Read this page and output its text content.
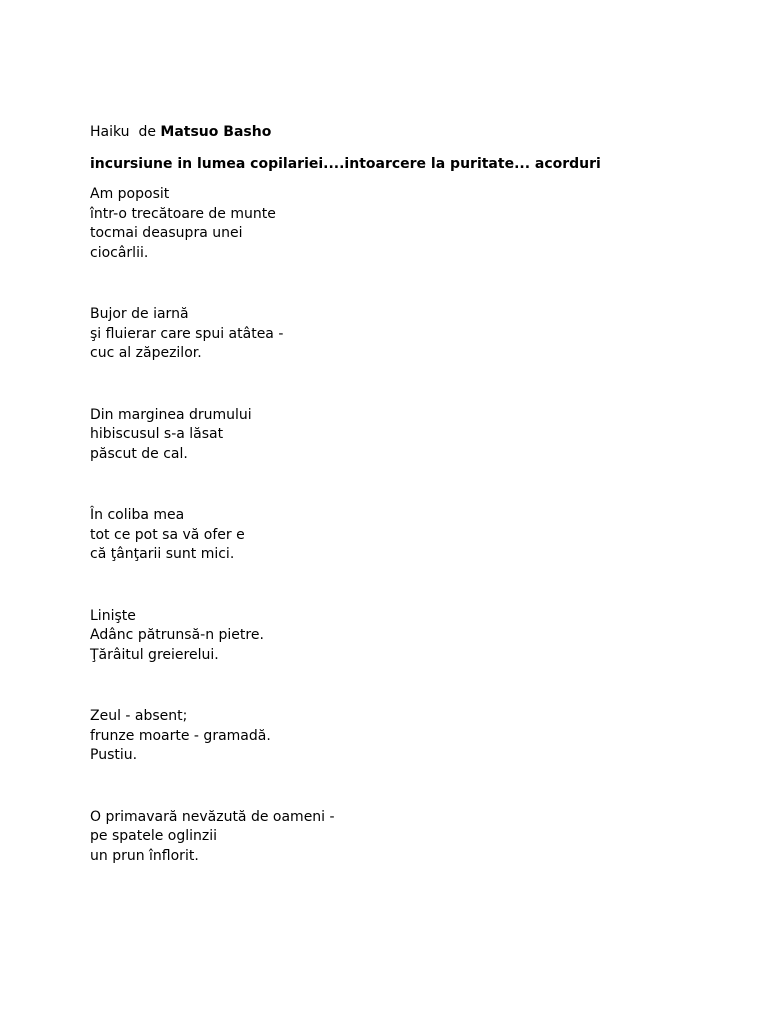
Haiku  de Matsuo Basho
incursiune in lumea copilariei....intoarcere la puritate... acorduri
Am poposit
într-o trecătoare de munte
tocmai deasupra unei
ciocârlii.
Bujor de iarnă
şi fluierar care spui atâtea -
cuc al zăpezilor.
Din marginea drumului
hibiscusul s-a lăsat
păscut de cal.
În coliba mea
tot ce pot sa vă ofer e
că ţânţarii sunt mici.
Linişte
Adânc pătrunsă-n pietre.
Ţărâitul greierelui.
Zeul - absent;
frunze moarte - gramadă.
Pustiu.
O primavară nevăzută de oameni -
pe spatele oglinzii
un prun înflorit.
